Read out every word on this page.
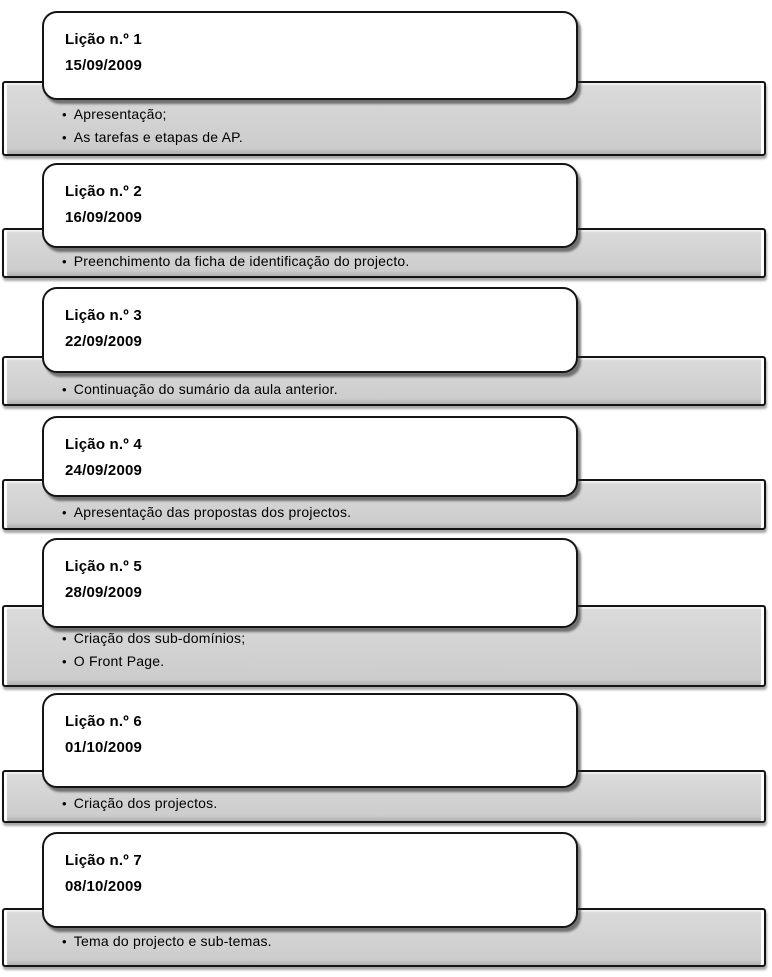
• Apresentação;
• As tarefas e etapas de AP.
Lição n.º 1
15/09/2009
• Preenchimento da ficha de identificação do projecto.
Lição n.º 2
16/09/2009
• Continuação do sumário da aula anterior.
Lição n.º 3
22/09/2009
• Apresentação das propostas dos projectos.
Lição n.º 4
24/09/2009
• Criação dos sub-domínios;
• O Front Page.
Lição n.º 5
28/09/2009
• Criação dos projectos.
Lição n.º 6
01/10/2009
• Tema do projecto e sub-temas.
Lição n.º 7
08/10/2009
